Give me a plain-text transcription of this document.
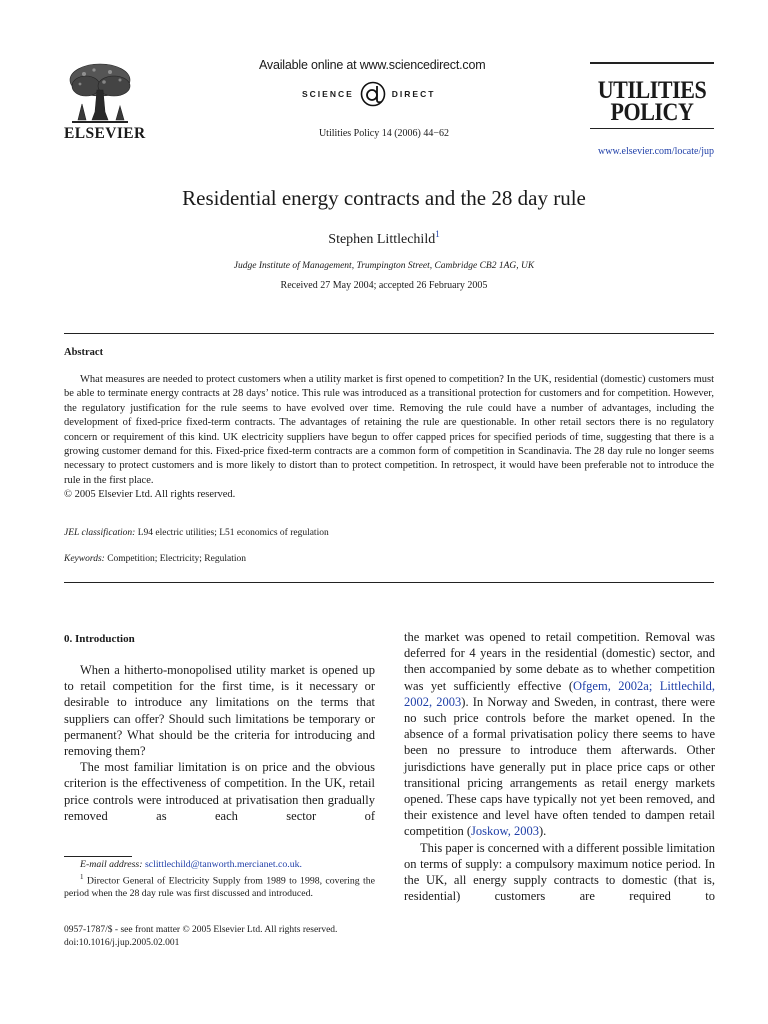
ELSEVIER
Available online at www.sciencedirect.com
SCIENCE	DIRECT
Utilities Policy 14 (2006) 44−62
UTILITIES
POLICY
www.elsevier.com/locate/jup
Residential energy contracts and the 28 day rule
Stephen Littlechild$^1$
Judge Institute of Management, Trumpington Street, Cambridge CB2 1AG, UK
Received 27 May 2004; accepted 26 February 2005
Abstract

What measures are needed to protect customers when a utility market is first opened to competition? In the UK, residential (domestic) customers must be able to terminate energy contracts at 28 days’ notice. This rule was introduced as a transitional protection for customers and for competition. However, the regulatory justification for the rule seems to have evolved over time. Removing the rule could have a number of advantages, including the development of fixed-price fixed-term contracts. The advantages of retaining the rule are questionable. In other retail sectors there is no regulatory concern or requirement of this kind. UK electricity suppliers have begun to offer capped prices for specified periods of time, suggesting that there is a growing customer demand for this. Fixed-price fixed-term contracts are a common form of competition in Scandinavia. The 28 day rule no longer seems necessary to protect customers and is more likely to distort than to protect competition. In retrospect, it would have been preferable not to introduce the rule in the first place.

© 2005 Elsevier Ltd. All rights reserved.

JEL classification: L94 electric utilities; L51 economics of regulation
Keywords: Competition; Electricity; Regulation
0. Introduction

When a hitherto-monopolised utility market is opened up to retail competition for the first time, is it necessary or desirable to introduce any limitations on the terms that suppliers can offer? Should such limitations be temporary or permanent? What should be the criteria for introducing and removing them?

The most familiar limitation is on price and the obvious criterion is the effectiveness of competition. In the UK, retail price controls were introduced at privatisation then gradually removed as each sector of

the market was opened to retail competition. Removal was deferred for 4 years in the residential (domestic) sector, and then accompanied by some debate as to whether competition was yet sufficiently effective (Ofgem, 2002a; Littlechild, 2002, 2003). In Norway and Sweden, in contrast, there were no such price controls before the market opened. In the absence of a formal privatisation policy there seems to have been no pressure to introduce them afterwards. Other jurisdictions have generally put in place price caps or other transitional pricing arrangements as retail energy markets opened. These caps have typically not yet been removed, and their existence and level have often tended to dampen retail competition (Joskow, 2003).

This paper is concerned with a different possible limitation on terms of supply: a compulsory maximum notice period. In the UK, all energy supply contracts to domestic (that is, residential) customers are required to

E-mail address: sclittlechild@tanworth.mercianet.co.uk.

$^1$ Director General of Electricity Supply from 1989 to 1998, covering the period when the 28 day rule was first discussed and introduced.

0957-1787/$ - see front matter © 2005 Elsevier Ltd. All rights reserved.
doi:10.1016/j.jup.2005.02.001
